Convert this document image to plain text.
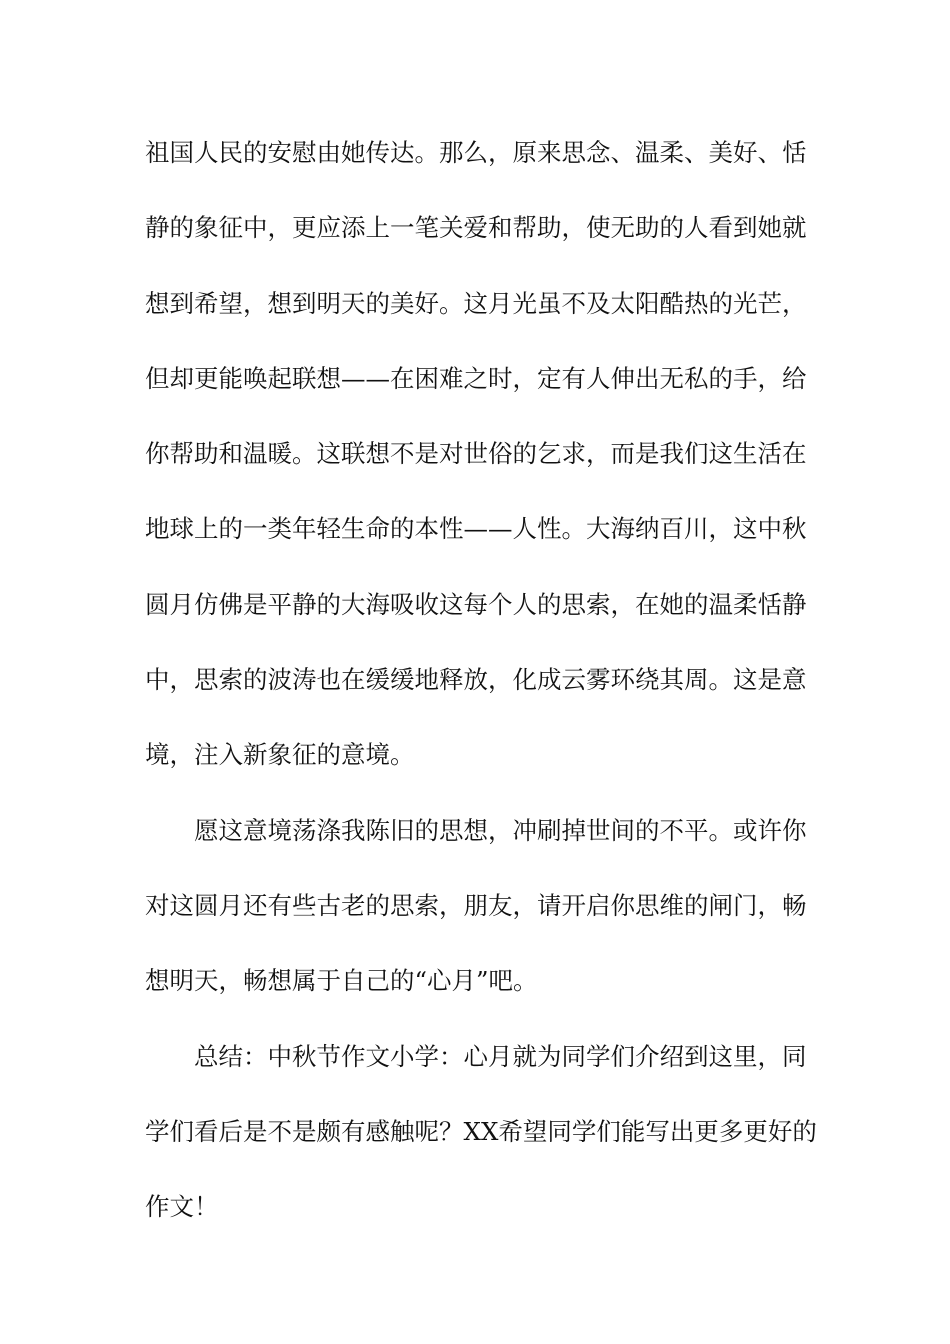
祖国人民的安慰由她传达。那么，原来思念、温柔、美好、恬
静的象征中，更应添上一笔关爱和帮助，使无助的人看到她就
想到希望，想到明天的美好。这月光虽不及太阳酷热的光芒，
但却更能唤起联想——在困难之时，定有人伸出无私的手，给
你帮助和温暖。这联想不是对世俗的乞求，而是我们这生活在
地球上的一类年轻生命的本性——人性。大海纳百川，这中秋
圆月仿佛是平静的大海吸收这每个人的思索，在她的温柔恬静
中，思索的波涛也在缓缓地释放，化成云雾环绕其周。这是意
境，注入新象征的意境。
愿这意境荡涤我陈旧的思想，冲刷掉世间的不平。或许你
对这圆月还有些古老的思索，朋友，请开启你思维的闸门，畅
想明天，畅想属于自己的“心月”吧。
总结：中秋节作文小学：心月就为同学们介绍到这里，同
学们看后是不是颇有感触呢？XX希望同学们能写出更多更好的
作文！
